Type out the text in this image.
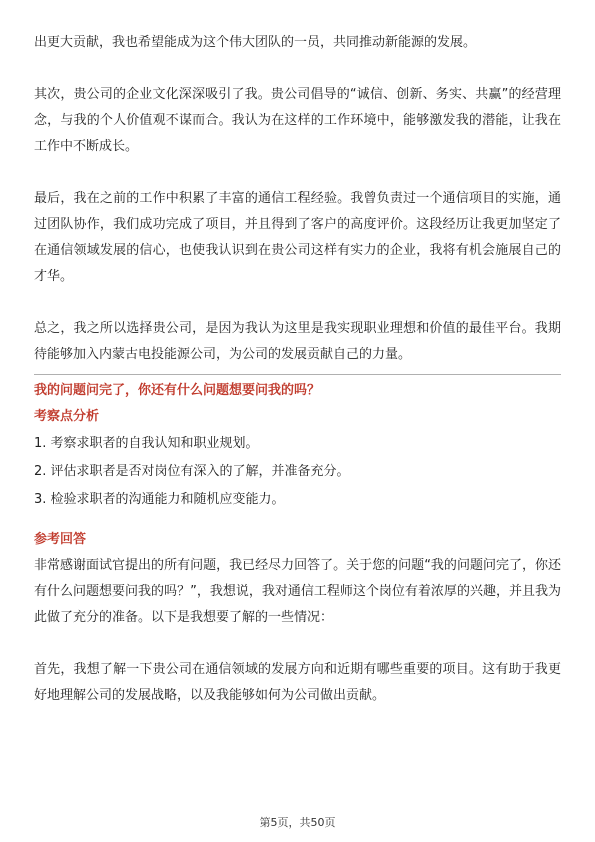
出更大贡献，我也希望能成为这个伟大团队的一员，共同推动新能源的发展。

其次，贵公司的企业文化深深吸引了我。贵公司倡导的“诚信、创新、务实、共赢”的经营理念，与我的个人价值观不谋而合。我认为在这样的工作环境中，能够激发我的潜能，让我在工作中不断成长。

最后，我在之前的工作中积累了丰富的通信工程经验。我曾负责过一个通信项目的实施，通过团队协作，我们成功完成了项目，并且得到了客户的高度评价。这段经历让我更加坚定了在通信领域发展的信心，也使我认识到在贵公司这样有实力的企业，我将有机会施展自己的才华。

总之，我之所以选择贵公司，是因为我认为这里是我实现职业理想和价值的最佳平台。我期待能够加入内蒙古电投能源公司，为公司的发展贡献自己的力量。

我的问题问完了，你还有什么问题想要问我的吗？

考察点分析

1. 考察求职者的自我认知和职业规划。

2. 评估求职者是否对岗位有深入的了解，并准备充分。

3. 检验求职者的沟通能力和随机应变能力。

参考回答

非常感谢面试官提出的所有问题，我已经尽力回答了。关于您的问题“我的问题问完了，你还有什么问题想要问我的吗？”，我想说，我对通信工程师这个岗位有着浓厚的兴趣，并且我为此做了充分的准备。以下是我想要了解的一些情况：

首先，我想了解一下贵公司在通信领域的发展方向和近期有哪些重要的项目。这有助于我更好地理解公司的发展战略，以及我能够如何为公司做出贡献。

第5页，共50页
